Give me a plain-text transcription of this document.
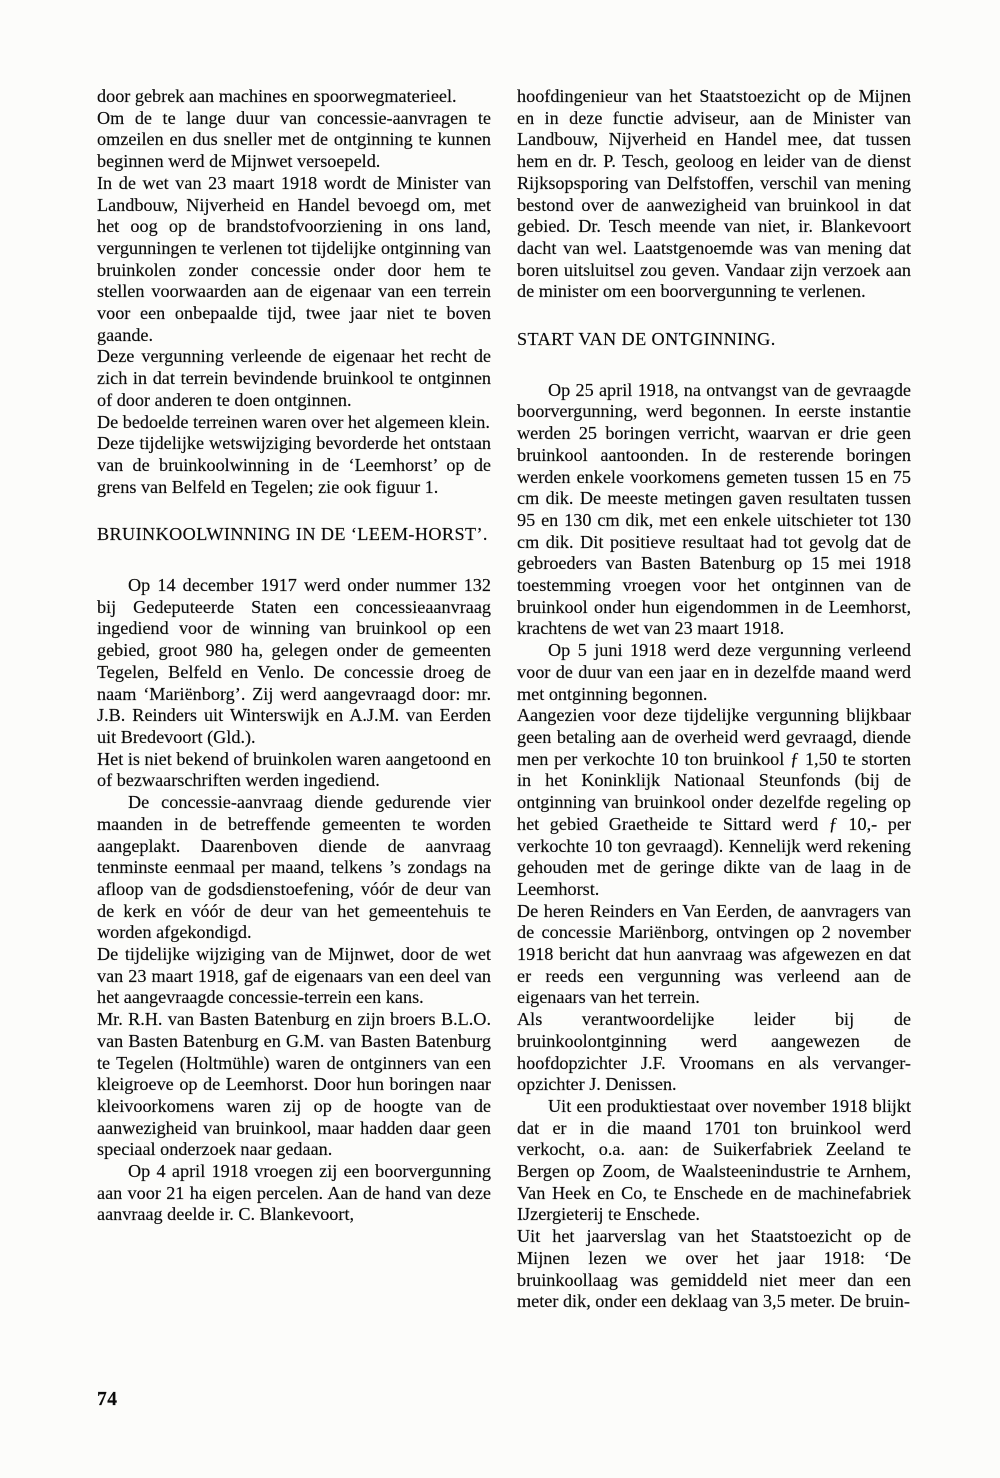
door gebrek aan machines en spoorwegmaterieel.

Om de te lange duur van concessie-aanvragen te omzeilen en dus sneller met de ontginning te kunnen beginnen werd de Mijnwet versoepeld.

In de wet van 23 maart 1918 wordt de Minister van Landbouw, Nijverheid en Handel bevoegd om, met het oog op de brandstofvoorziening in ons land, vergunningen te verlenen tot tijdelijke ontginning van bruinkolen zonder concessie onder door hem te stellen voorwaarden aan de eigenaar van een terrein voor een onbepaalde tijd, twee jaar niet te boven gaande.

Deze vergunning verleende de eigenaar het recht de zich in dat terrein bevindende bruinkool te ontginnen of door anderen te doen ontginnen.

De bedoelde terreinen waren over het algemeen klein.

Deze tijdelijke wetswijziging bevorderde het ontstaan van de bruinkoolwinning in de ‘Leemhorst’ op de grens van Belfeld en Tegelen; zie ook figuur 1.

BRUINKOOLWINNING IN DE ‘LEEM-HORST’.

Op 14 december 1917 werd onder nummer 132 bij Gedeputeerde Staten een concessieaanvraag ingediend voor de winning van bruinkool op een gebied, groot 980 ha, gelegen onder de gemeenten Tegelen, Belfeld en Venlo. De concessie droeg de naam ‘Mariënborg’. Zij werd aangevraagd door: mr. J.B. Reinders uit Winterswijk en A.J.M. van Eerden uit Bredevoort (Gld.).

Het is niet bekend of bruinkolen waren aangetoond en of bezwaarschriften werden ingediend.

De concessie-aanvraag diende gedurende vier maanden in de betreffende gemeenten te worden aangeplakt. Daarenboven diende de aanvraag tenminste eenmaal per maand, telkens ’s zondags na afloop van de godsdienstoefening, vóór de deur van de kerk en vóór de deur van het gemeentehuis te worden afgekondigd.

De tijdelijke wijziging van de Mijnwet, door de wet van 23 maart 1918, gaf de eigenaars van een deel van het aangevraagde concessie-terrein een kans.

Mr. R.H. van Basten Batenburg en zijn broers B.L.O. van Basten Batenburg en G.M. van Basten Batenburg te Tegelen (Holtmühle) waren de ontginners van een kleigroeve op de Leemhorst. Door hun boringen naar kleivoorkomens waren zij op de hoogte van de aanwezigheid van bruinkool, maar hadden daar geen speciaal onderzoek naar gedaan.

Op 4 april 1918 vroegen zij een boorvergunning aan voor 21 ha eigen percelen. Aan de hand van deze aanvraag deelde ir. C. Blankevoort,

hoofdingenieur van het Staatstoezicht op de Mijnen en in deze functie adviseur, aan de Minister van Landbouw, Nijverheid en Handel mee, dat tussen hem en dr. P. Tesch, geoloog en leider van de dienst Rijksopsporing van Delfstoffen, verschil van mening bestond over de aanwezigheid van bruinkool in dat gebied. Dr. Tesch meende van niet, ir. Blankevoort dacht van wel. Laatstgenoemde was van mening dat boren uitsluitsel zou geven. Vandaar zijn verzoek aan de minister om een boorvergunning te verlenen.

START VAN DE ONTGINNING.

Op 25 april 1918, na ontvangst van de gevraagde boorvergunning, werd begonnen. In eerste instantie werden 25 boringen verricht, waarvan er drie geen bruinkool aantoonden. In de resterende boringen werden enkele voorkomens gemeten tussen 15 en 75 cm dik. De meeste metingen gaven resultaten tussen 95 en 130 cm dik, met een enkele uitschieter tot 130 cm dik. Dit positieve resultaat had tot gevolg dat de gebroeders van Basten Batenburg op 15 mei 1918 toestemming vroegen voor het ontginnen van de bruinkool onder hun eigendommen in de Leemhorst, krachtens de wet van 23 maart 1918.

Op 5 juni 1918 werd deze vergunning verleend voor de duur van een jaar en in dezelfde maand werd met ontginning begonnen.

Aangezien voor deze tijdelijke vergunning blijkbaar geen betaling aan de overheid werd gevraagd, diende men per verkochte 10 ton bruinkool ƒ 1,50 te storten in het Koninklijk Nationaal Steunfonds (bij de ontginning van bruinkool onder dezelfde regeling op het gebied Graetheide te Sittard werd ƒ 10,- per verkochte 10 ton gevraagd). Kennelijk werd rekening gehouden met de geringe dikte van de laag in de Leemhorst.

De heren Reinders en Van Eerden, de aanvragers van de concessie Mariënborg, ontvingen op 2 november 1918 bericht dat hun aanvraag was afgewezen en dat er reeds een vergunning was verleend aan de eigenaars van het terrein.

Als verantwoordelijke leider bij de bruinkoolontginning werd aangewezen de hoofdopzichter J.F. Vroomans en als vervanger-opzichter J. Denissen.

Uit een produktiestaat over november 1918 blijkt dat er in die maand 1701 ton bruinkool werd verkocht, o.a. aan: de Suikerfabriek Zeeland te Bergen op Zoom, de Waalsteenindustrie te Arnhem, Van Heek en Co, te Enschede en de machinefabriek IJzergieterij te Enschede.

Uit het jaarverslag van het Staatstoezicht op de Mijnen lezen we over het jaar 1918: ‘De bruinkoollaag was gemiddeld niet meer dan een meter dik, onder een deklaag van 3,5 meter. De bruin-

74
